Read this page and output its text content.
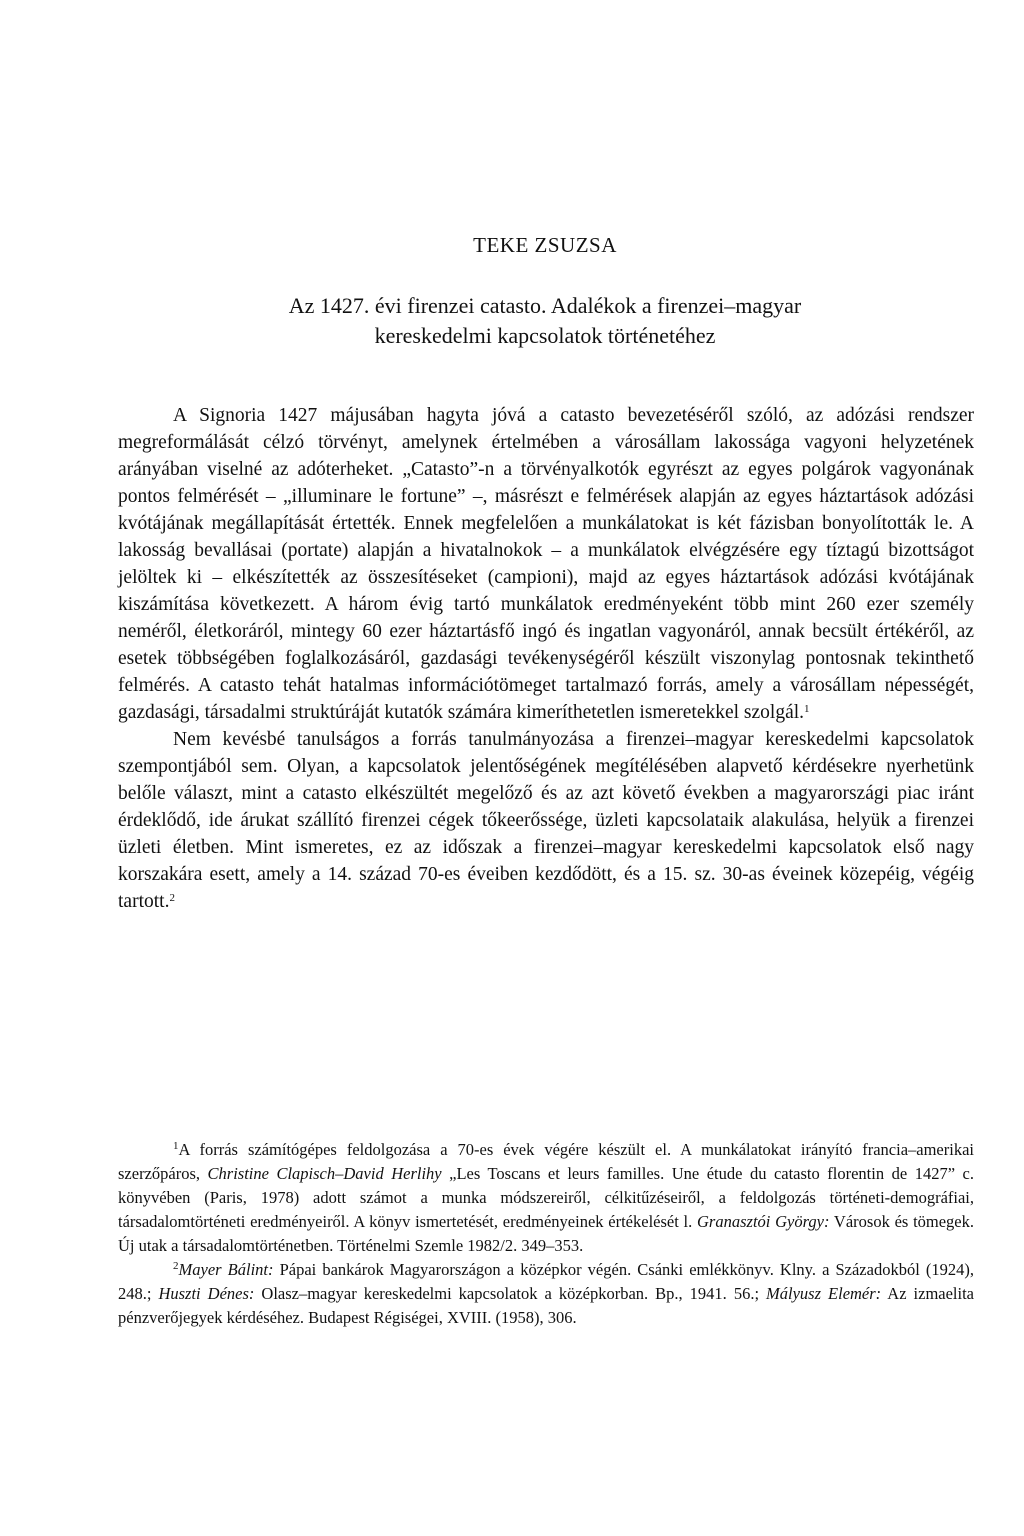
TEKE ZSUZSA
Az 1427. évi firenzei catasto. Adalékok a firenzei–magyar
kereskedelmi kapcsolatok történetéhez

A Signoria 1427 májusában hagyta jóvá a catasto bevezetéséről szóló, az adózási rendszer megreformálását célzó törvényt, amelynek értelmében a városállam lakossága vagyoni helyzetének arányában viselné az adóterheket. „Catasto”-n a törvényalkotók egyrészt az egyes polgárok vagyonának pontos felmérését – „illuminare le fortune” –, másrészt e felmérések alapján az egyes háztartások adózási kvótájának megállapítását értették. Ennek megfelelően a munkálatokat is két fázisban bonyolították le. A lakosság bevallásai (portate) alapján a hivatalnokok – a munkálatok elvégzésére egy tíztagú bizottságot jelöltek ki – elkészítették az összesítéseket (campioni), majd az egyes háztartások adózási kvótájának kiszámítása következett. A három évig tartó munkálatok eredményeként több mint 260 ezer személy neméről, életkoráról, mintegy 60 ezer háztartásfő ingó és ingatlan vagyonáról, annak becsült értékéről, az esetek többségében foglalkozásáról, gazdasági tevékenységéről készült viszonylag pontosnak tekinthető felmérés. A catasto tehát hatalmas információtömeget tartalmazó forrás, amely a városállam népességét, gazdasági, társadalmi struktúráját kutatók számára kimeríthetetlen ismeretekkel szolgál.$^1$

Nem kevésbé tanulságos a forrás tanulmányozása a firenzei–magyar kereskedelmi kapcsolatok szempontjából sem. Olyan, a kapcsolatok jelentőségének megítélésében alapvető kérdésekre nyerhetünk belőle választ, mint a catasto elkészültét megelőző és az azt követő években a magyarországi piac iránt érdeklődő, ide árukat szállító firenzei cégek tőkeerőssége, üzleti kapcsolataik alakulása, helyük a firenzei üzleti életben. Mint ismeretes, ez az időszak a firenzei–magyar kereskedelmi kapcsolatok első nagy korszakára esett, amely a 14. század 70-es éveiben kezdődött, és a 15. sz. 30-as éveinek közepéig, végéig tartott.$^2$

$^1$A forrás számítógépes feldolgozása a 70-es évek végére készült el. A munkálatokat irányító francia–amerikai szerzőpáros, Christine Clapisch–David Herlihy „Les Toscans et leurs familles. Une étude du catasto florentin de 1427” c. könyvében (Paris, 1978) adott számot a munka módszereiről, célkitűzéseiről, a feldolgozás történeti-demográfiai, társadalomtörténeti eredményeiről. A könyv ismertetését, eredményeinek értékelését l. Granasztói György: Városok és tömegek. Új utak a társadalomtörténetben. Történelmi Szemle 1982/2. 349–353.

$^2$Mayer Bálint: Pápai bankárok Magyarországon a középkor végén. Csánki emlékkönyv. Klny. a Századokból (1924), 248.; Huszti Dénes: Olasz–magyar kereskedelmi kapcsolatok a középkorban. Bp., 1941. 56.; Mályusz Elemér: Az izmaelita pénzverőjegyek kérdéséhez. Budapest Régiségei, XVIII. (1958), 306.
